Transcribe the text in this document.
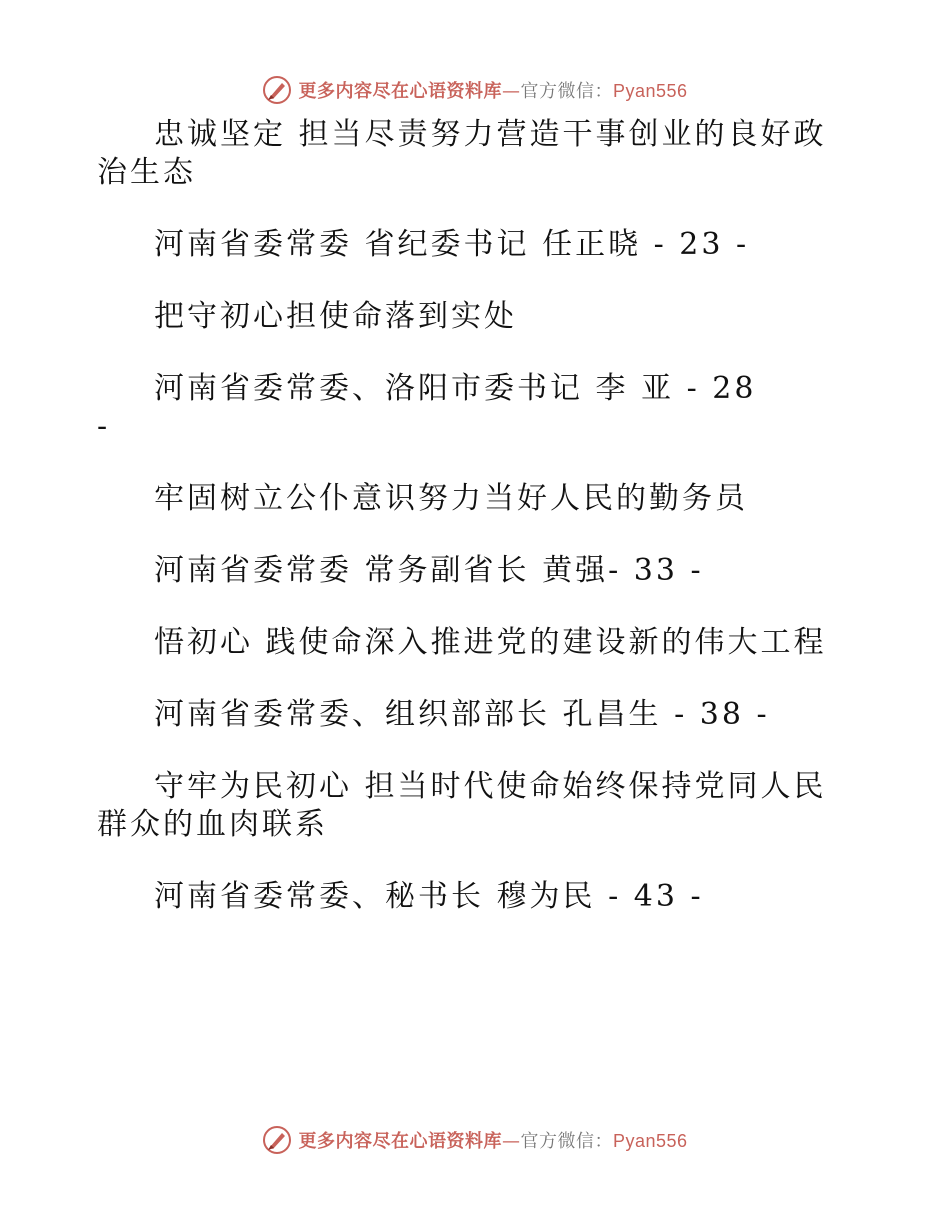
更多内容尽在心语资料库—官方微信：Pyan556
忠诚坚定 担当尽责努力营造干事创业的良好政
治生态
河南省委常委 省纪委书记 任正晓 - 23 -
把守初心担使命落到实处
河南省委常委、洛阳市委书记 李 亚 - 28
-
牢固树立公仆意识努力当好人民的勤务员
河南省委常委 常务副省长 黄强- 33 -
悟初心 践使命深入推进党的建设新的伟大工程
河南省委常委、组织部部长 孔昌生 - 38 -
守牢为民初心 担当时代使命始终保持党同人民
群众的血肉联系
河南省委常委、秘书长 穆为民 - 43 -
更多内容尽在心语资料库—官方微信：Pyan556
